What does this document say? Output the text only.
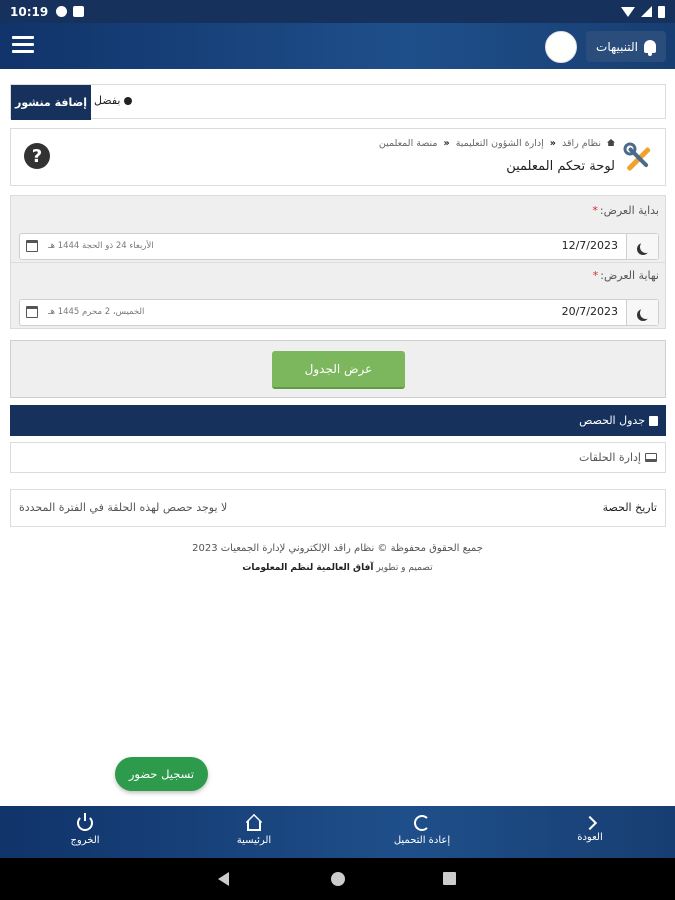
10:19
التنبيهات
إضافة منشور بفضل
?
نظام راقد « إدارة الشؤون التعليمية « منصة المعلمين
لوحة تحكم المعلمين
بداية العرض:*
12/7/2023
الأربعاء 24 ذو الحجة 1444 هـ
نهاية العرض:*
20/7/2023
الخميس، 2 محرم 1445 هـ
عرض الجدول
جدول الحصص
إدارة الحلقات
تاريخ الحصة
لا يوجد حصص لهذه الحلقة في الفترة المحددة
جميع الحقوق محفوظة © نظام راقد الإلكتروني لإدارة الجمعيات 2023
تصميم و تطوير آفاق العالمية لنظم المعلومات
تسجيل حضور
الخروج	الرئيسية	إعادة التحميل	العودة
